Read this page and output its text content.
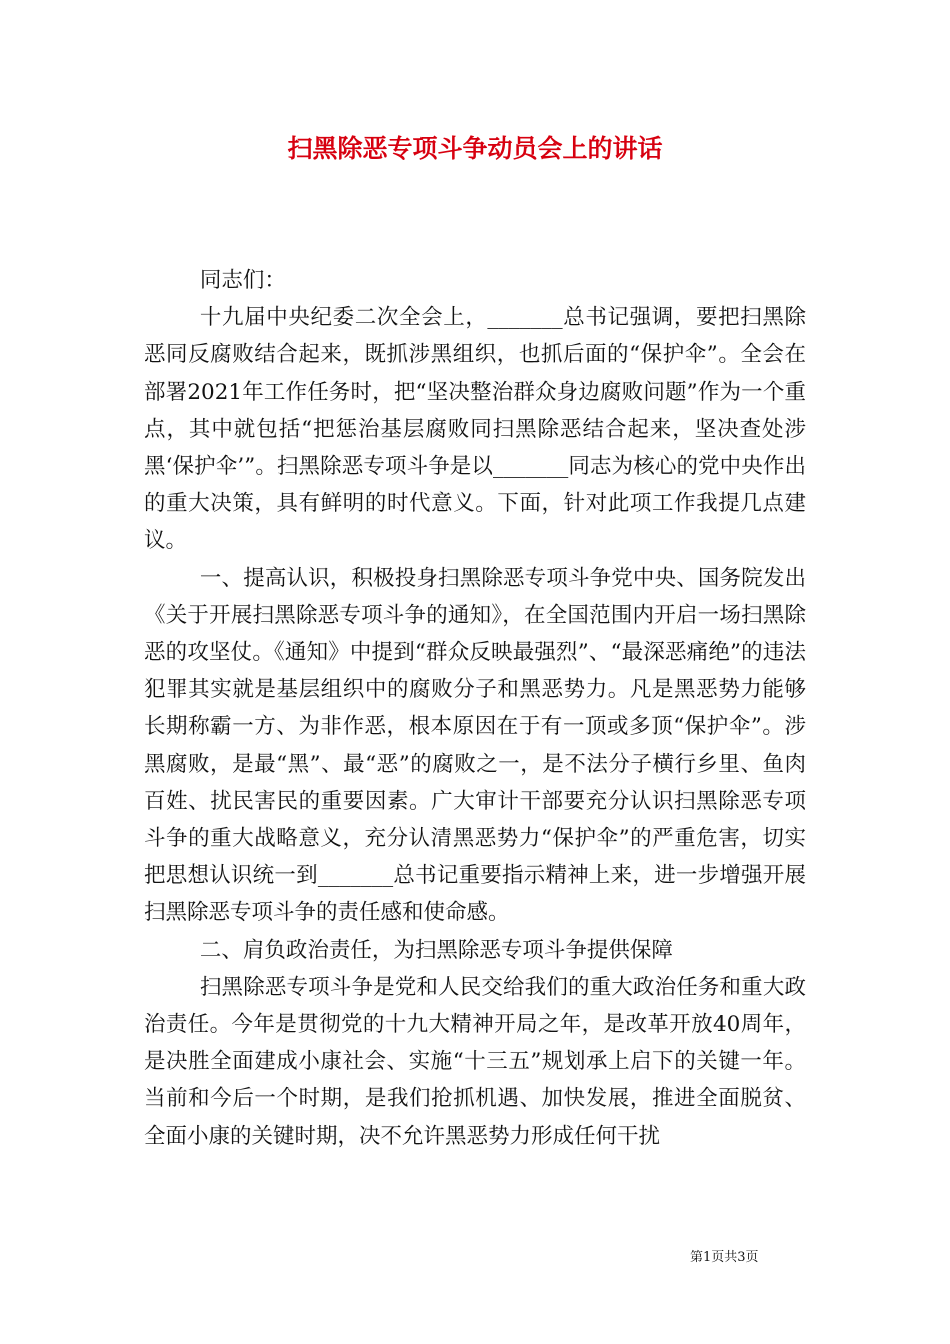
扫黑除恶专项斗争动员会上的讲话

同志们：

十九届中央纪委二次全会上，_______总书记强调，要把扫黑除恶同反腐败结合起来，既抓涉黑组织，也抓后面的“保护伞”。全会在部署2021年工作任务时，把“坚决整治群众身边腐败问题”作为一个重点，其中就包括“把惩治基层腐败同扫黑除恶结合起来，坚决查处涉黑‘保护伞’”。扫黑除恶专项斗争是以_______同志为核心的党中央作出的重大决策，具有鲜明的时代意义。下面，针对此项工作我提几点建议。

一、提高认识，积极投身扫黑除恶专项斗争党中央、国务院发出《关于开展扫黑除恶专项斗争的通知》，在全国范围内开启一场扫黑除恶的攻坚仗。《通知》中提到“群众反映最强烈”、“最深恶痛绝”的违法犯罪其实就是基层组织中的腐败分子和黑恶势力。凡是黑恶势力能够长期称霸一方、为非作恶，根本原因在于有一顶或多顶“保护伞”。涉黑腐败，是最“黑”、最“恶”的腐败之一，是不法分子横行乡里、鱼肉百姓、扰民害民的重要因素。广大审计干部要充分认识扫黑除恶专项斗争的重大战略意义，充分认清黑恶势力“保护伞”的严重危害，切实把思想认识统一到_______总书记重要指示精神上来，进一步增强开展扫黑除恶专项斗争的责任感和使命感。

二、肩负政治责任，为扫黑除恶专项斗争提供保障

扫黑除恶专项斗争是党和人民交给我们的重大政治任务和重大政治责任。今年是贯彻党的十九大精神开局之年，是改革开放40周年，是决胜全面建成小康社会、实施“十三五”规划承上启下的关键一年。当前和今后一个时期，是我们抢抓机遇、加快发展，推进全面脱贫、全面小康的关键时期，决不允许黑恶势力形成任何干扰

第1页共3页
